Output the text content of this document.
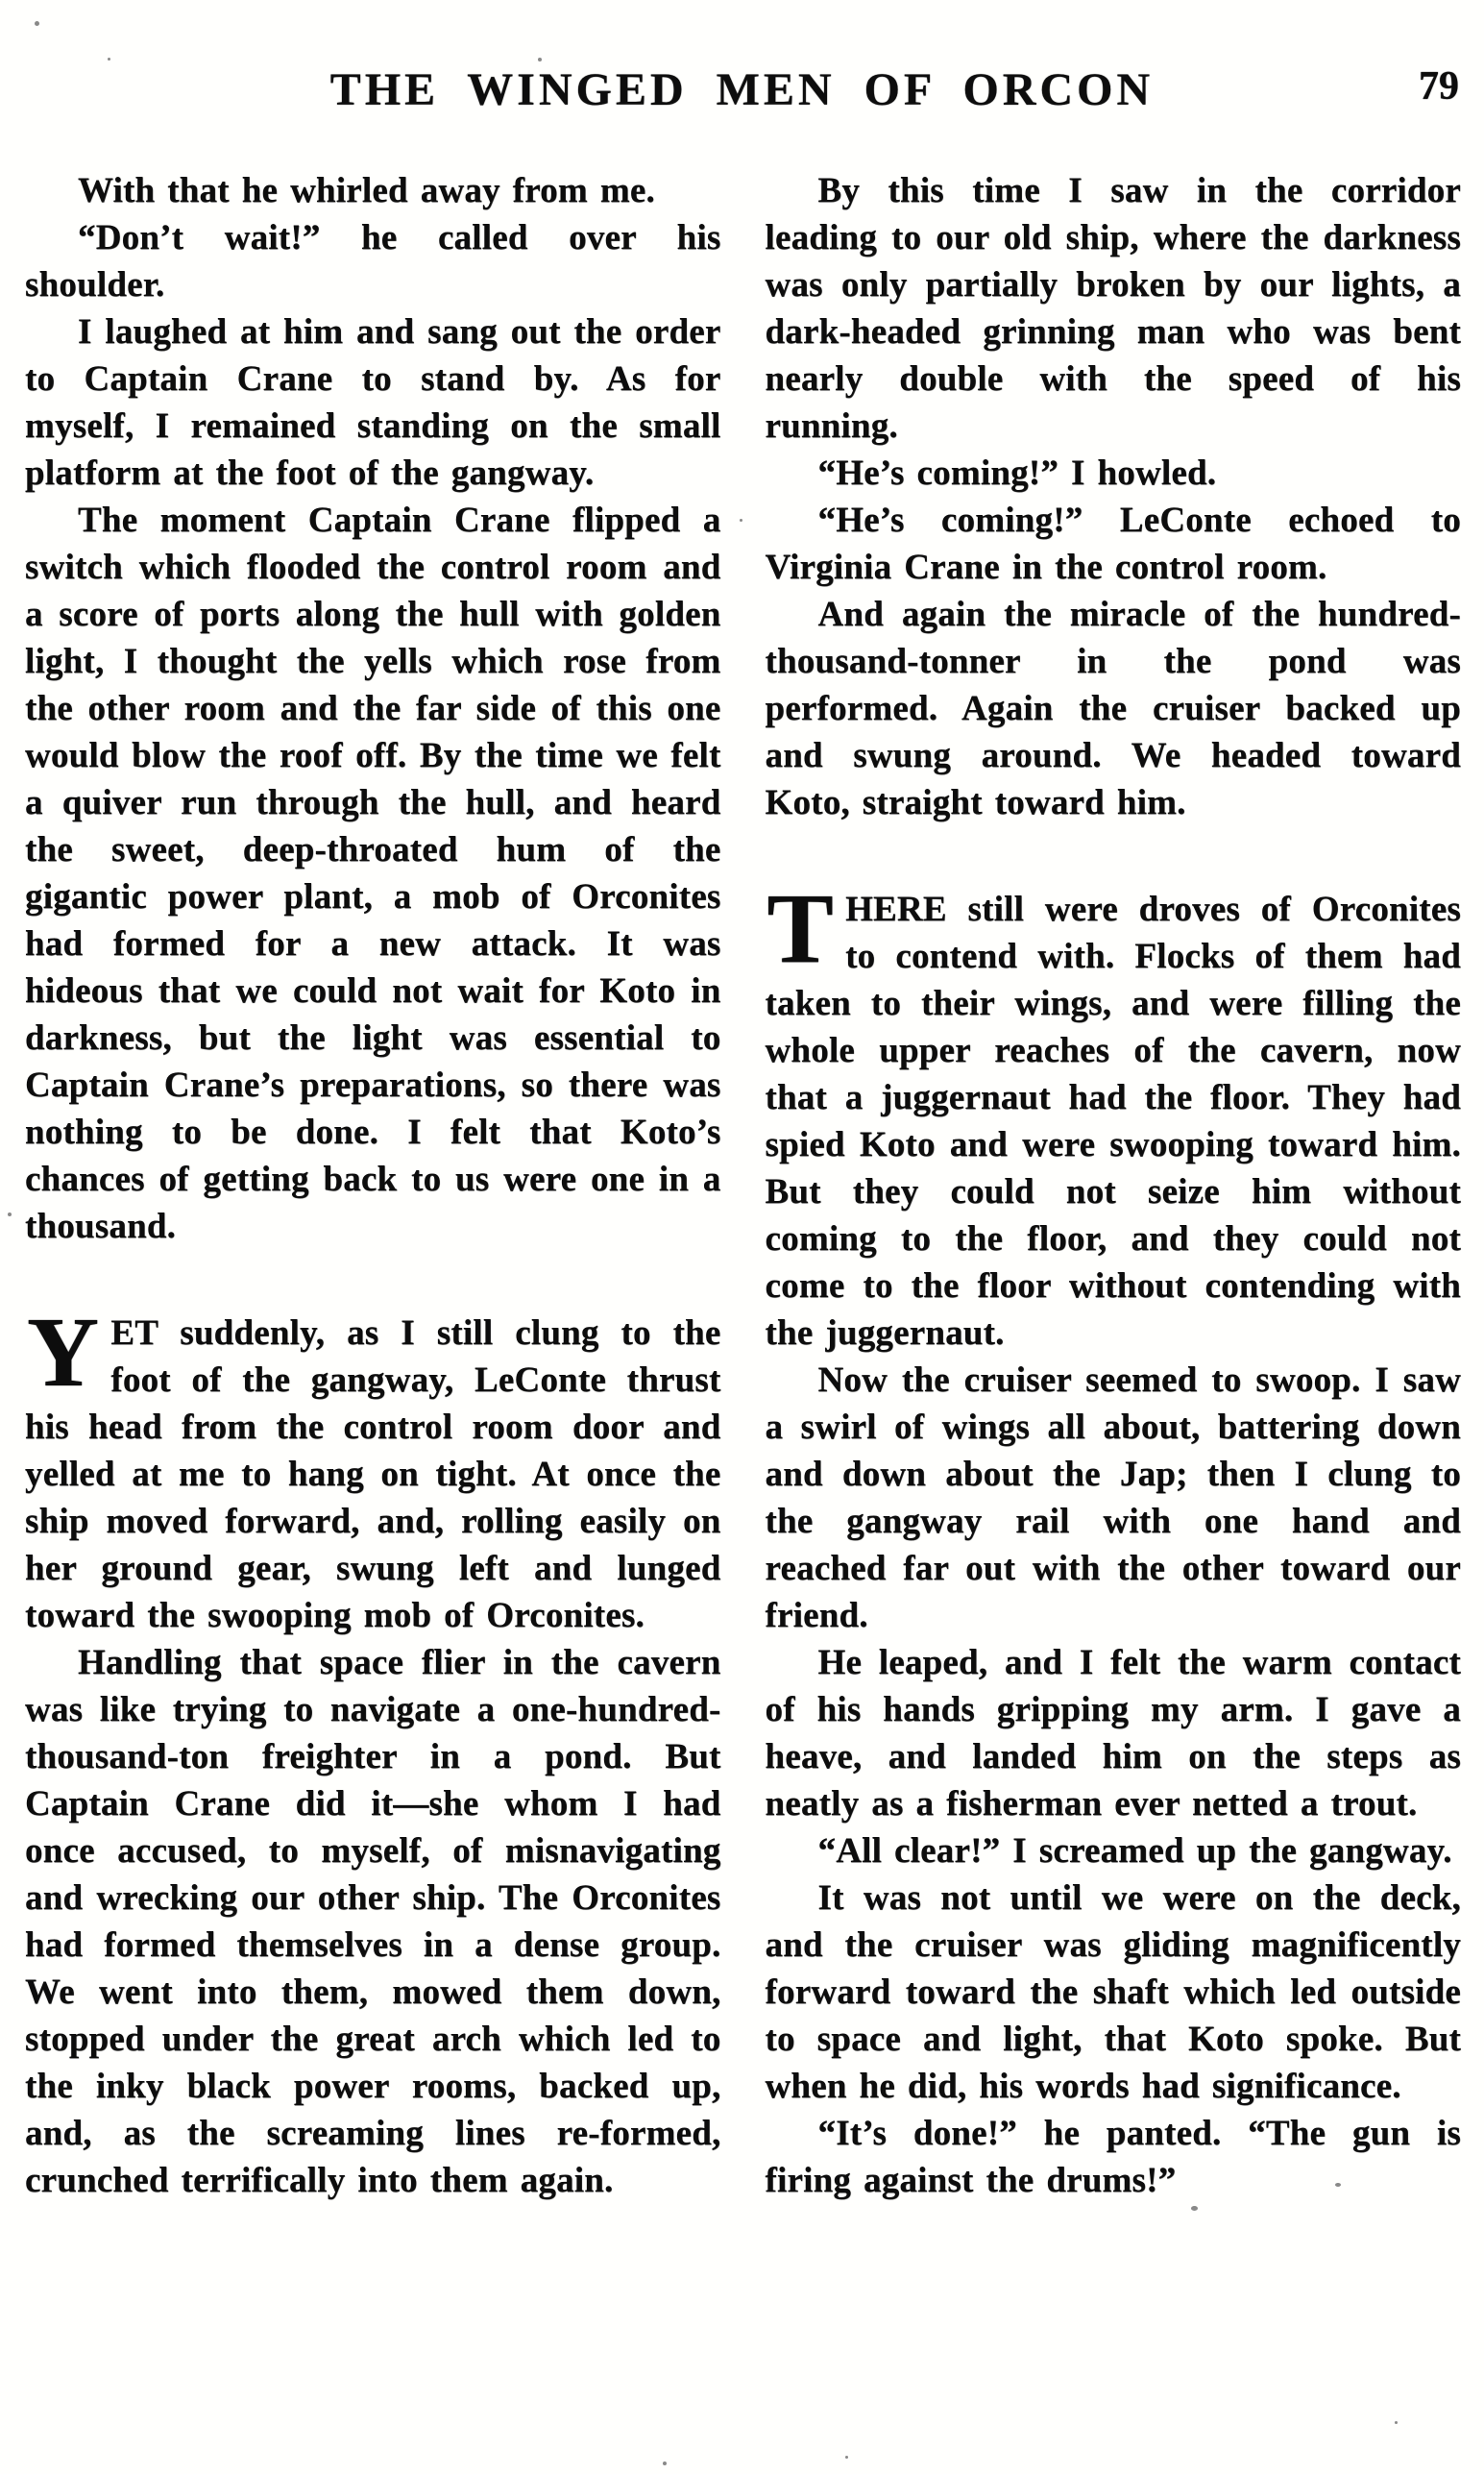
THE WINGED MEN OF ORCON	79

With that he whirled away from me.

“Don’t wait!” he called over his shoulder.

I laughed at him and sang out the order to Captain Crane to stand by. As for myself, I remained standing on the small platform at the foot of the gangway.

The moment Captain Crane flipped a switch which flooded the control room and a score of ports along the hull with golden light, I thought the yells which rose from the other room and the far side of this one would blow the roof off. By the time we felt a quiver run through the hull, and heard the sweet, deep-throated hum of the gigantic power plant, a mob of Orconites had formed for a new attack. It was hideous that we could not wait for Koto in darkness, but the light was essential to Captain Crane’s preparations, so there was nothing to be done. I felt that Koto’s chances of getting back to us were one in a thousand.

YET suddenly, as I still clung to the foot of the gangway, LeConte thrust his head from the control room door and yelled at me to hang on tight. At once the ship moved forward, and, rolling easily on her ground gear, swung left and lunged toward the swooping mob of Orconites.

Handling that space flier in the cavern was like trying to navigate a one-hundred-thousand-ton freighter in a pond. But Captain Crane did it—she whom I had once accused, to myself, of misnavigating and wrecking our other ship. The Orconites had formed themselves in a dense group. We went into them, mowed them down, stopped under the great arch which led to the inky black power rooms, backed up, and, as the screaming lines re-formed, crunched terrifically into them again.

By this time I saw in the corridor leading to our old ship, where the darkness was only partially broken by our lights, a dark-headed grinning man who was bent nearly double with the speed of his running.

“He’s coming!” I howled.

“He’s coming!” LeConte echoed to Virginia Crane in the control room.

And again the miracle of the hundred-thousand-tonner in the pond was performed. Again the cruiser backed up and swung around. We headed toward Koto, straight toward him.

THERE still were droves of Orconites to contend with. Flocks of them had taken to their wings, and were filling the whole upper reaches of the cavern, now that a juggernaut had the floor. They had spied Koto and were swooping toward him. But they could not seize him without coming to the floor, and they could not come to the floor without contending with the juggernaut.

Now the cruiser seemed to swoop. I saw a swirl of wings all about, battering down and down about the Jap; then I clung to the gangway rail with one hand and reached far out with the other toward our friend.

He leaped, and I felt the warm contact of his hands gripping my arm. I gave a heave, and landed him on the steps as neatly as a fisherman ever netted a trout.

“All clear!” I screamed up the gangway.

It was not until we were on the deck, and the cruiser was gliding magnificently forward toward the shaft which led outside to space and light, that Koto spoke. But when he did, his words had significance.

“It’s done!” he panted. “The gun is firing against the drums!”
